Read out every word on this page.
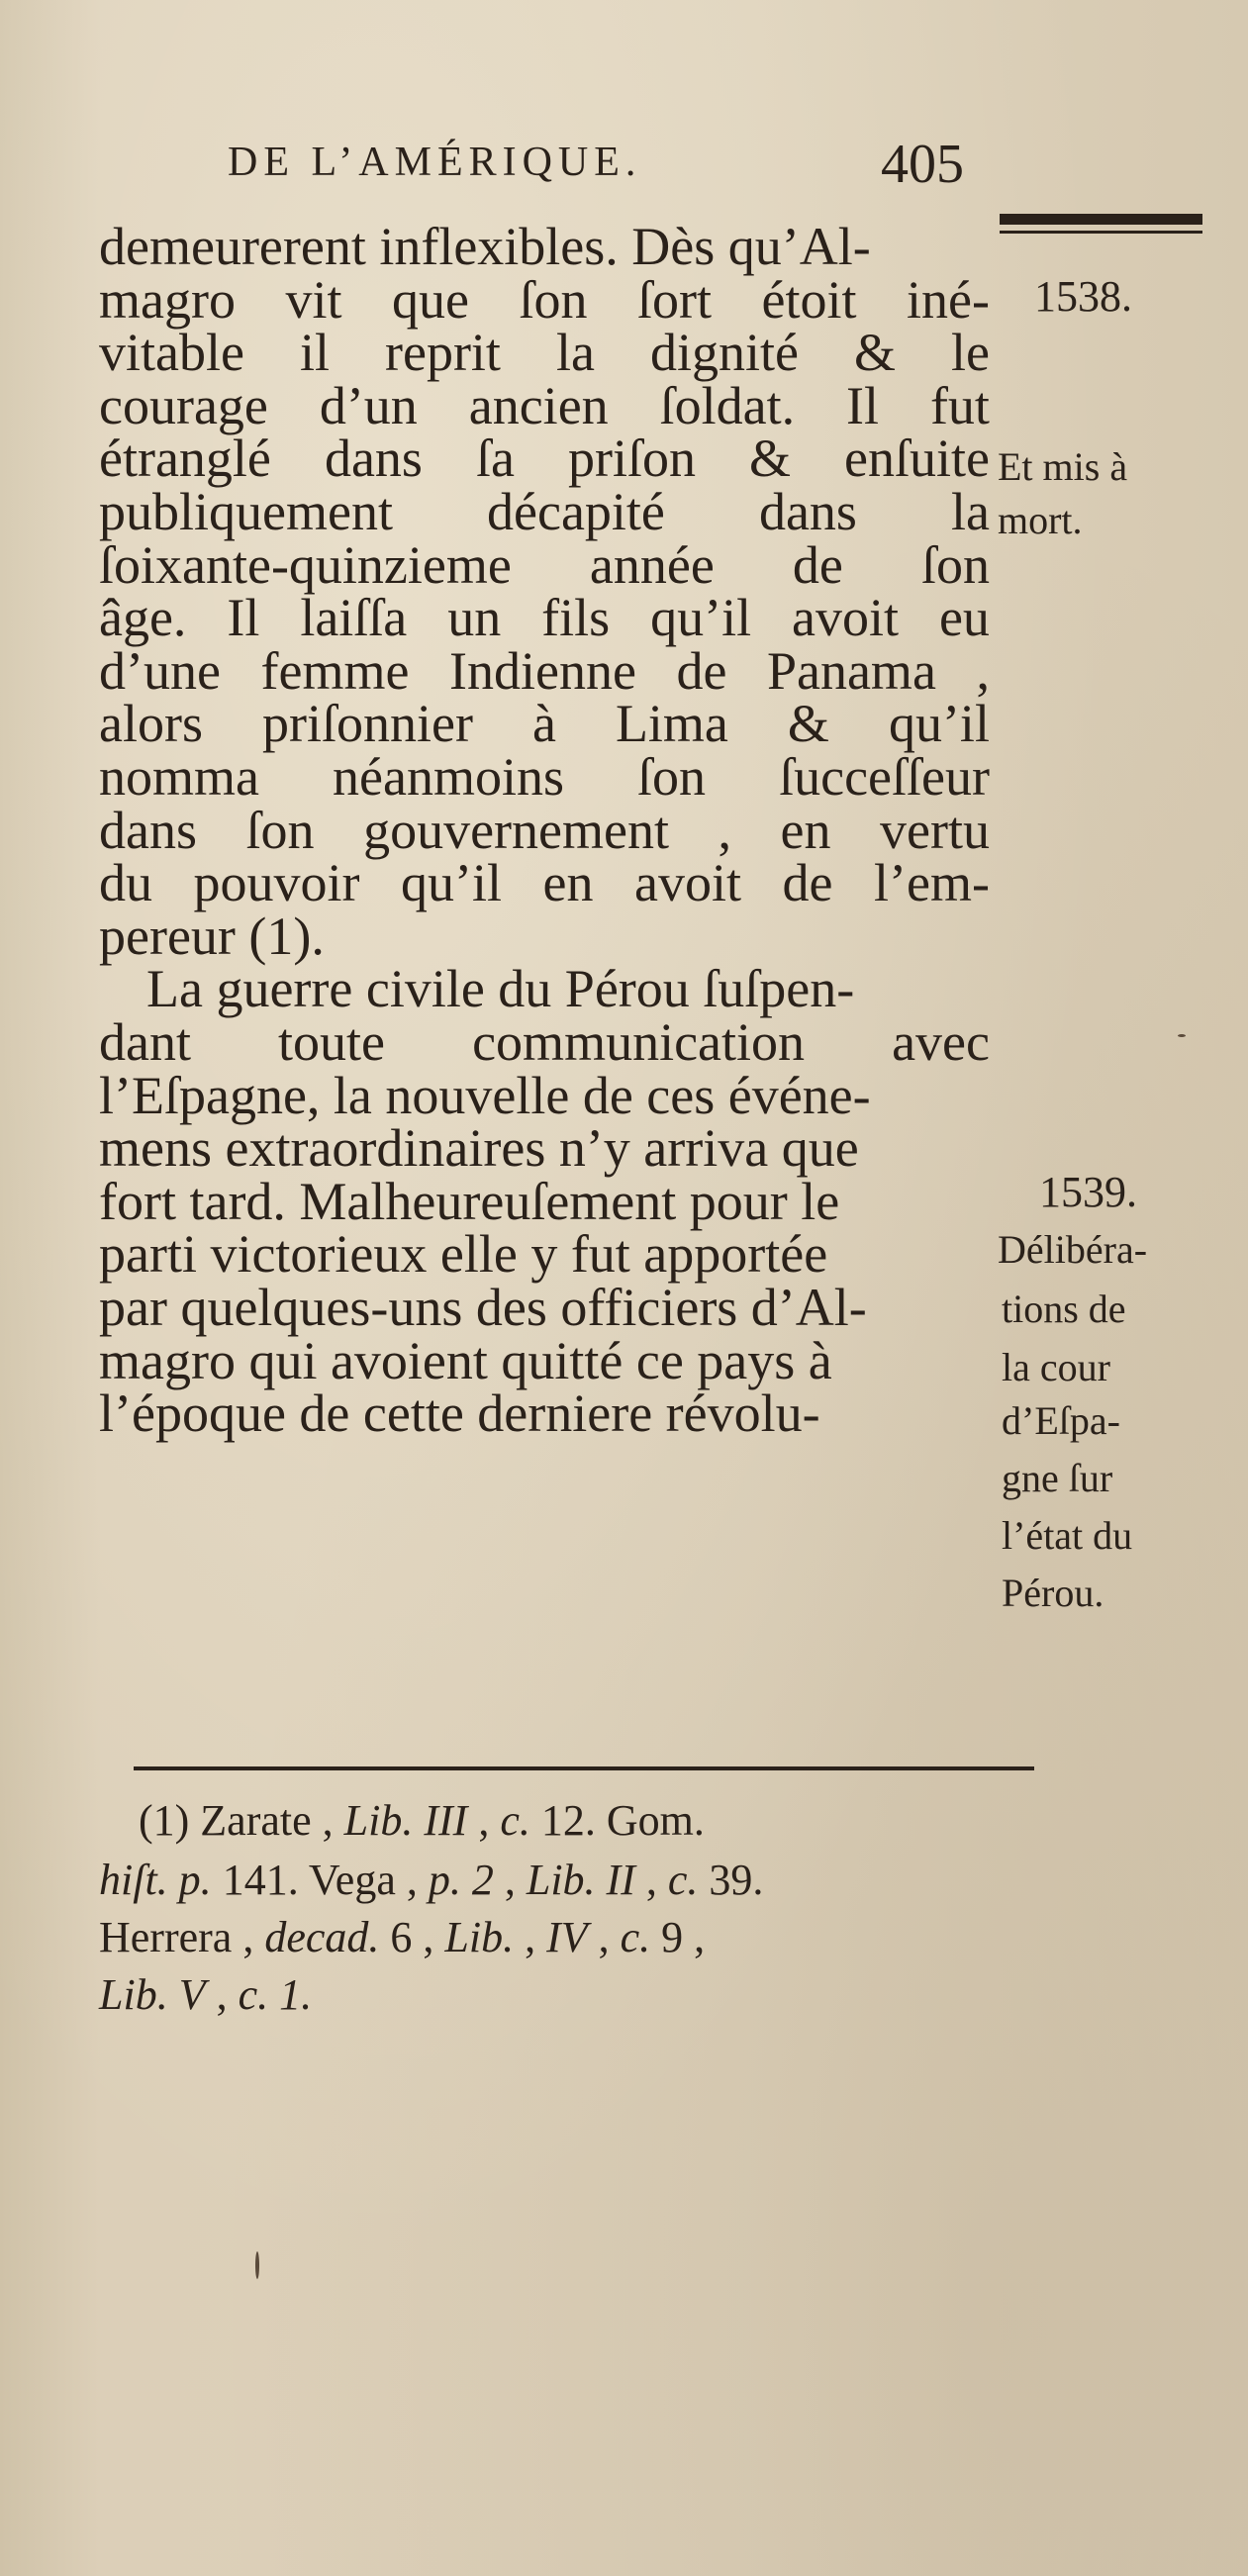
DE L’AMÉRIQUE.	405
demeurerent inflexibles. Dès qu’Al-
magro vit que ſon ſort étoit iné-
vitable il reprit la dignité & le
courage d’un ancien ſoldat. Il fut
étranglé dans ſa priſon & enſuite
publiquement décapité dans la
ſoixante-quinzieme année de ſon
âge. Il laiſſa un fils qu’il avoit eu
d’une femme Indienne de Panama ,
alors priſonnier à Lima & qu’il
nomma néanmoins ſon ſucceſſeur
dans ſon gouvernement , en vertu
du pouvoir qu’il en avoit de l’em-
pereur (1).
La guerre civile du Pérou ſuſpen-
dant toute communication avec
l’Eſpagne, la nouvelle de ces événe-
mens extraordinaires n’y arriva que
fort tard. Malheureuſement pour le
parti victorieux elle y fut apportée
par quelques-uns des officiers d’Al-
magro qui avoient quitté ce pays à
l’époque de cette derniere révolu-
1538.
Et mis à
mort.
1539.
Délibéra-
tions de
la cour
d’Eſpa-
gne ſur
l’état du
Pérou.
(1) Zarate , Lib. III , c. 12. Gom.
hiſt. p. 141. Vega , p. 2 , Lib. II , c. 39.
Herrera , decad. 6 , Lib. , IV , c. 9 ,
Lib. V , c. 1.
